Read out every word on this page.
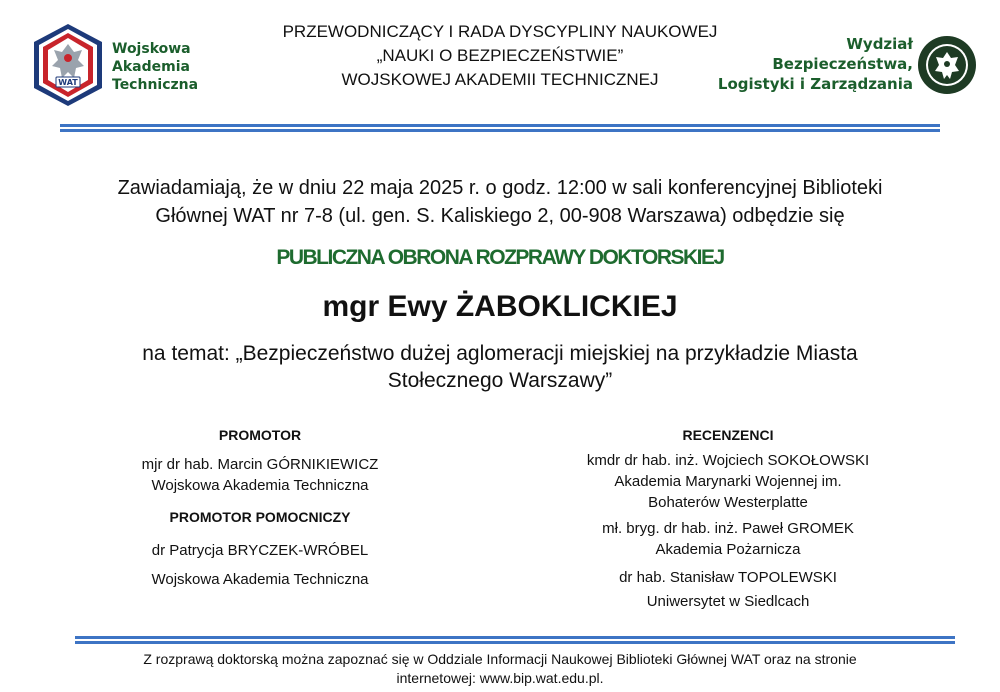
WAT
Wojskowa
Akademia
Techniczna
PRZEWODNICZĄCY I RADA DYSCYPLINY NAUKOWEJ
„NAUKI O BEZPIECZEŃSTWIE”
WOJSKOWEJ AKADEMII TECHNICZNEJ
Wydział
Bezpieczeństwa,
Logistyki i Zarządzania
Zawiadamiają, że w dniu 22 maja 2025 r. o godz. 12:00 w sali konferencyjnej Biblioteki
Głównej WAT nr 7-8 (ul. gen. S. Kaliskiego 2, 00-908 Warszawa) odbędzie się
PUBLICZNA OBRONA ROZPRAWY DOKTORSKIEJ
mgr Ewy ŻABOKLICKIEJ
na temat: „Bezpieczeństwo dużej aglomeracji miejskiej na przykładzie Miasta
Stołecznego Warszawy”
PROMOTOR
mjr dr hab. Marcin GÓRNIKIEWICZ
Wojskowa Akademia Techniczna
PROMOTOR POMOCNICZY
dr Patrycja BRYCZEK-WRÓBEL
Wojskowa Akademia Techniczna
RECENZENCI
kmdr dr hab. inż. Wojciech SOKOŁOWSKI
Akademia Marynarki Wojennej im.
Bohaterów Westerplatte
mł. bryg. dr hab. inż. Paweł GROMEK
Akademia Pożarnicza
dr hab. Stanisław TOPOLEWSKI
Uniwersytet w Siedlcach
Z rozprawą doktorską można zapoznać się w Oddziale Informacji Naukowej Biblioteki Głównej WAT oraz na stronie
internetowej: www.bip.wat.edu.pl.
